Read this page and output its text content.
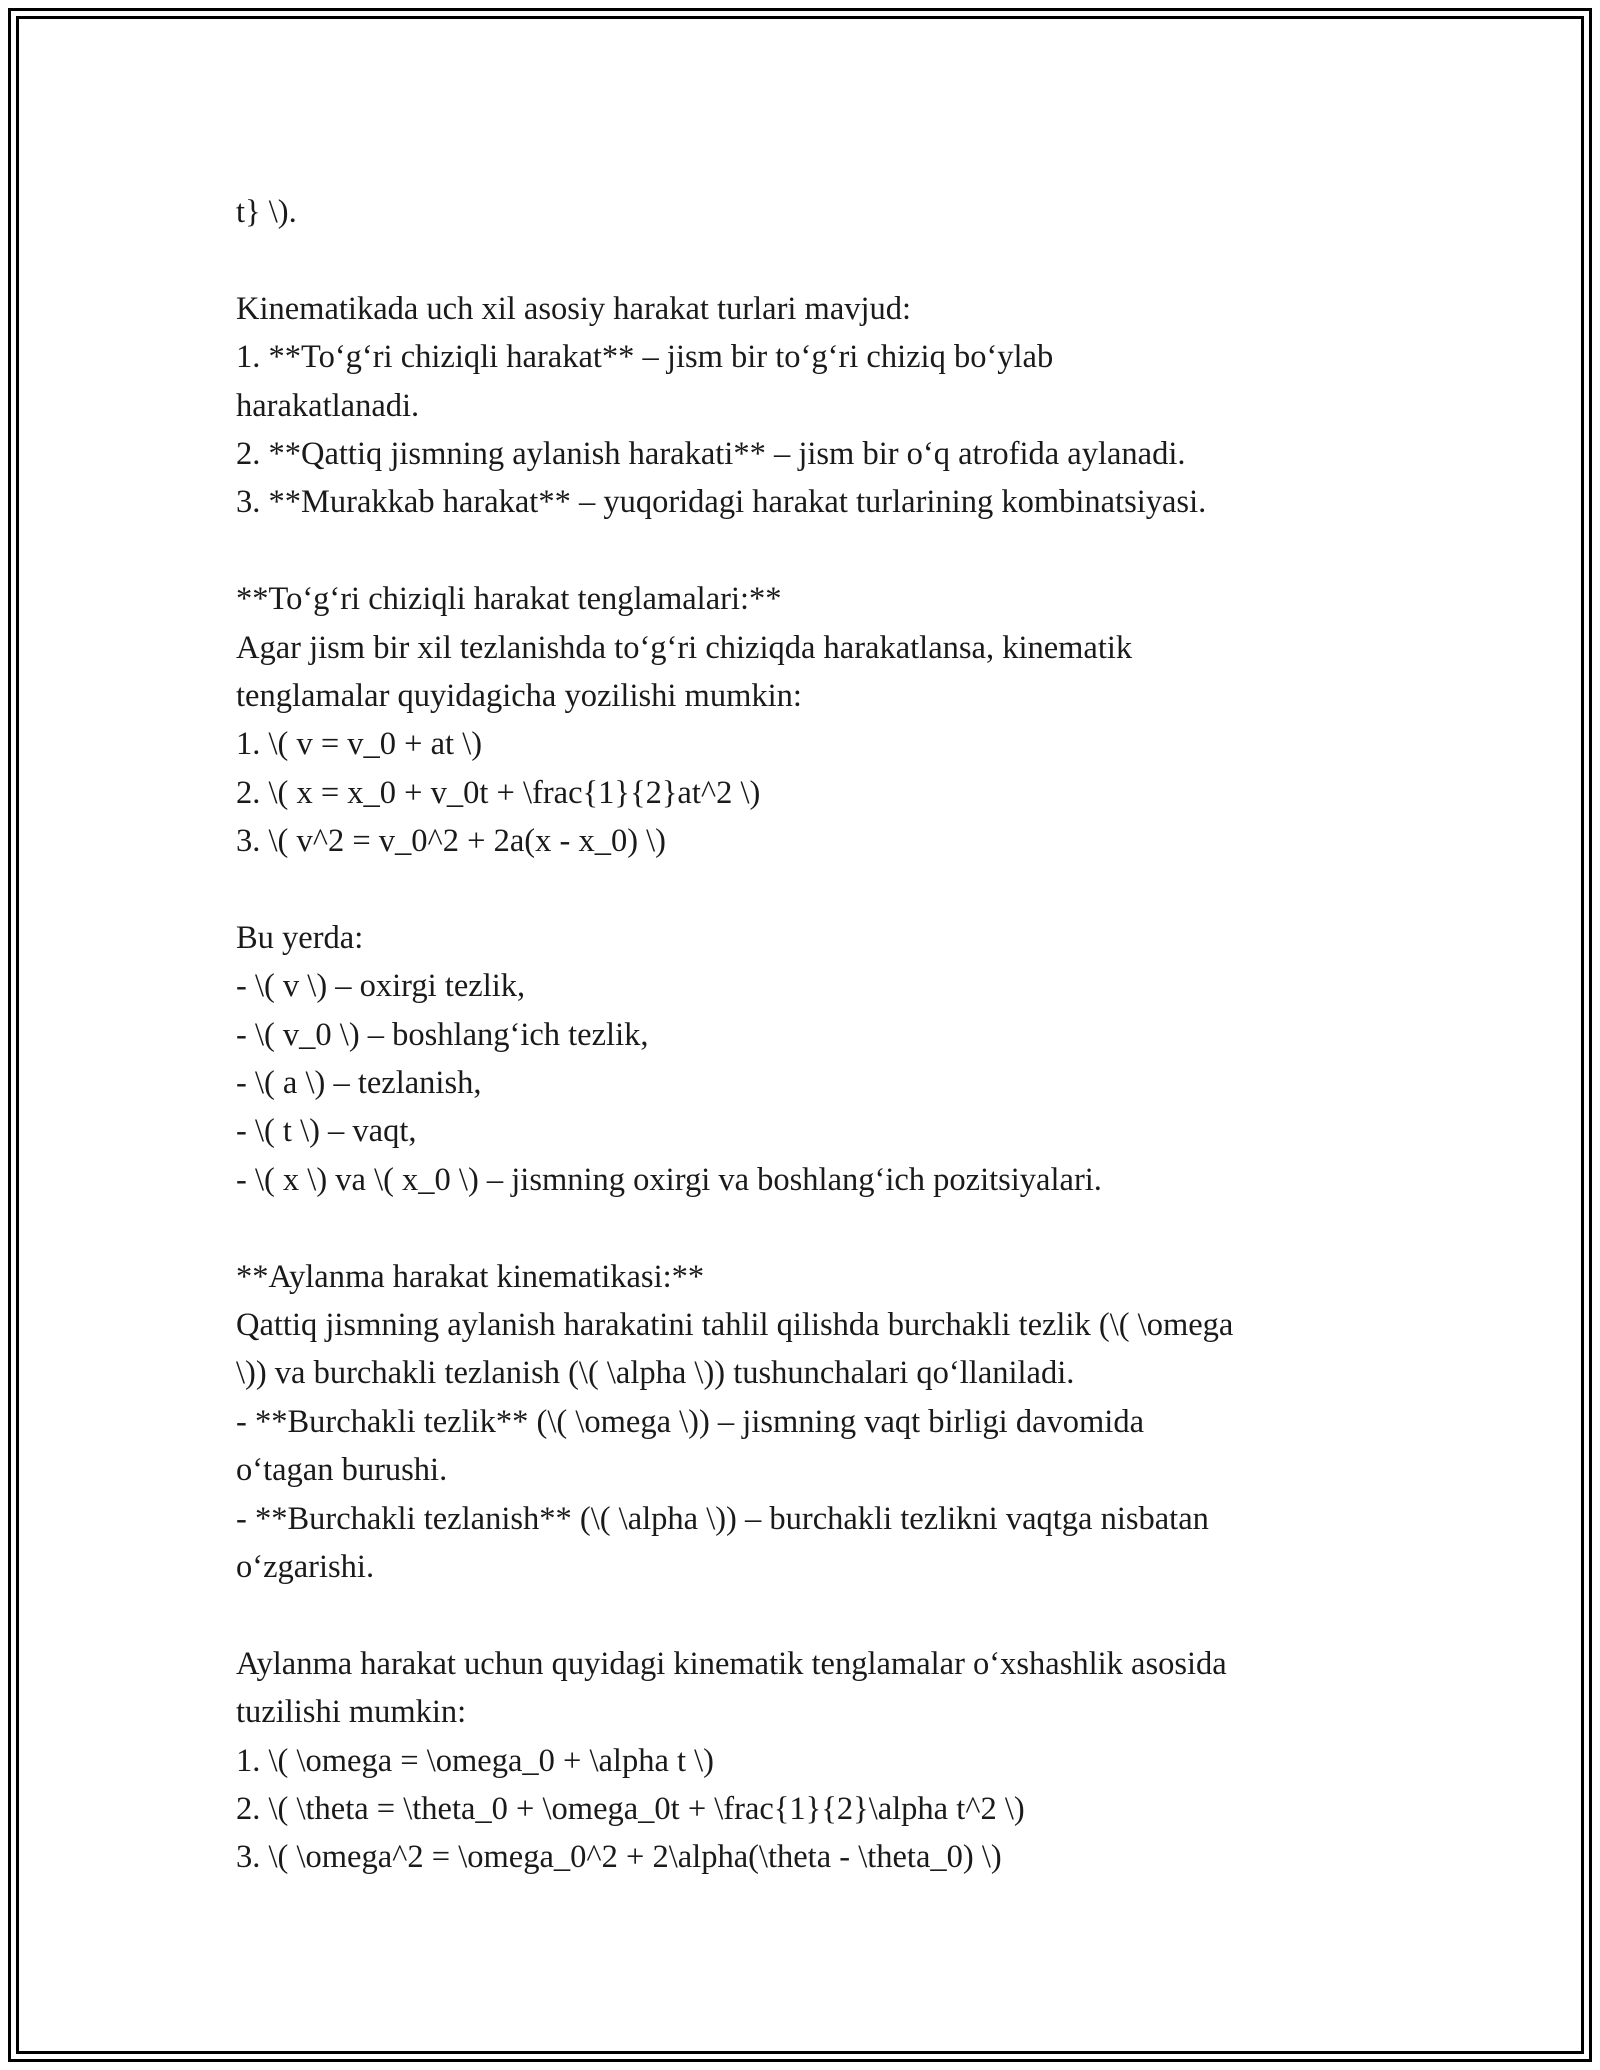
t} \).
Kinematikada uch xil asosiy harakat turlari mavjud:
1. **To‘g‘ri chiziqli harakat** – jism bir to‘g‘ri chiziq bo‘ylab
harakatlanadi.
2. **Qattiq jismning aylanish harakati** – jism bir o‘q atrofida aylanadi.
3. **Murakkab harakat** – yuqoridagi harakat turlarining kombinatsiyasi.
**To‘g‘ri chiziqli harakat tenglamalari:**
Agar jism bir xil tezlanishda to‘g‘ri chiziqda harakatlansa, kinematik
tenglamalar quyidagicha yozilishi mumkin:
1. \( v = v_0 + at \)
2. \( x = x_0 + v_0t + \frac{1}{2}at^2 \)
3. \( v^2 = v_0^2 + 2a(x - x_0) \)
Bu yerda:
- \( v \) – oxirgi tezlik,
- \( v_0 \) – boshlang‘ich tezlik,
- \( a \) – tezlanish,
- \( t \) – vaqt,
- \( x \) va \( x_0 \) – jismning oxirgi va boshlang‘ich pozitsiyalari.
**Aylanma harakat kinematikasi:**
Qattiq jismning aylanish harakatini tahlil qilishda burchakli tezlik (\( \omega
\)) va burchakli tezlanish (\( \alpha \)) tushunchalari qo‘llaniladi.
- **Burchakli tezlik** (\( \omega \)) – jismning vaqt birligi davomida
o‘tagan burushi.
- **Burchakli tezlanish** (\( \alpha \)) – burchakli tezlikni vaqtga nisbatan
o‘zgarishi.
Aylanma harakat uchun quyidagi kinematik tenglamalar o‘xshashlik asosida
tuzilishi mumkin:
1. \( \omega = \omega_0 + \alpha t \)
2. \( \theta = \theta_0 + \omega_0t + \frac{1}{2}\alpha t^2 \)
3. \( \omega^2 = \omega_0^2 + 2\alpha(\theta - \theta_0) \)
